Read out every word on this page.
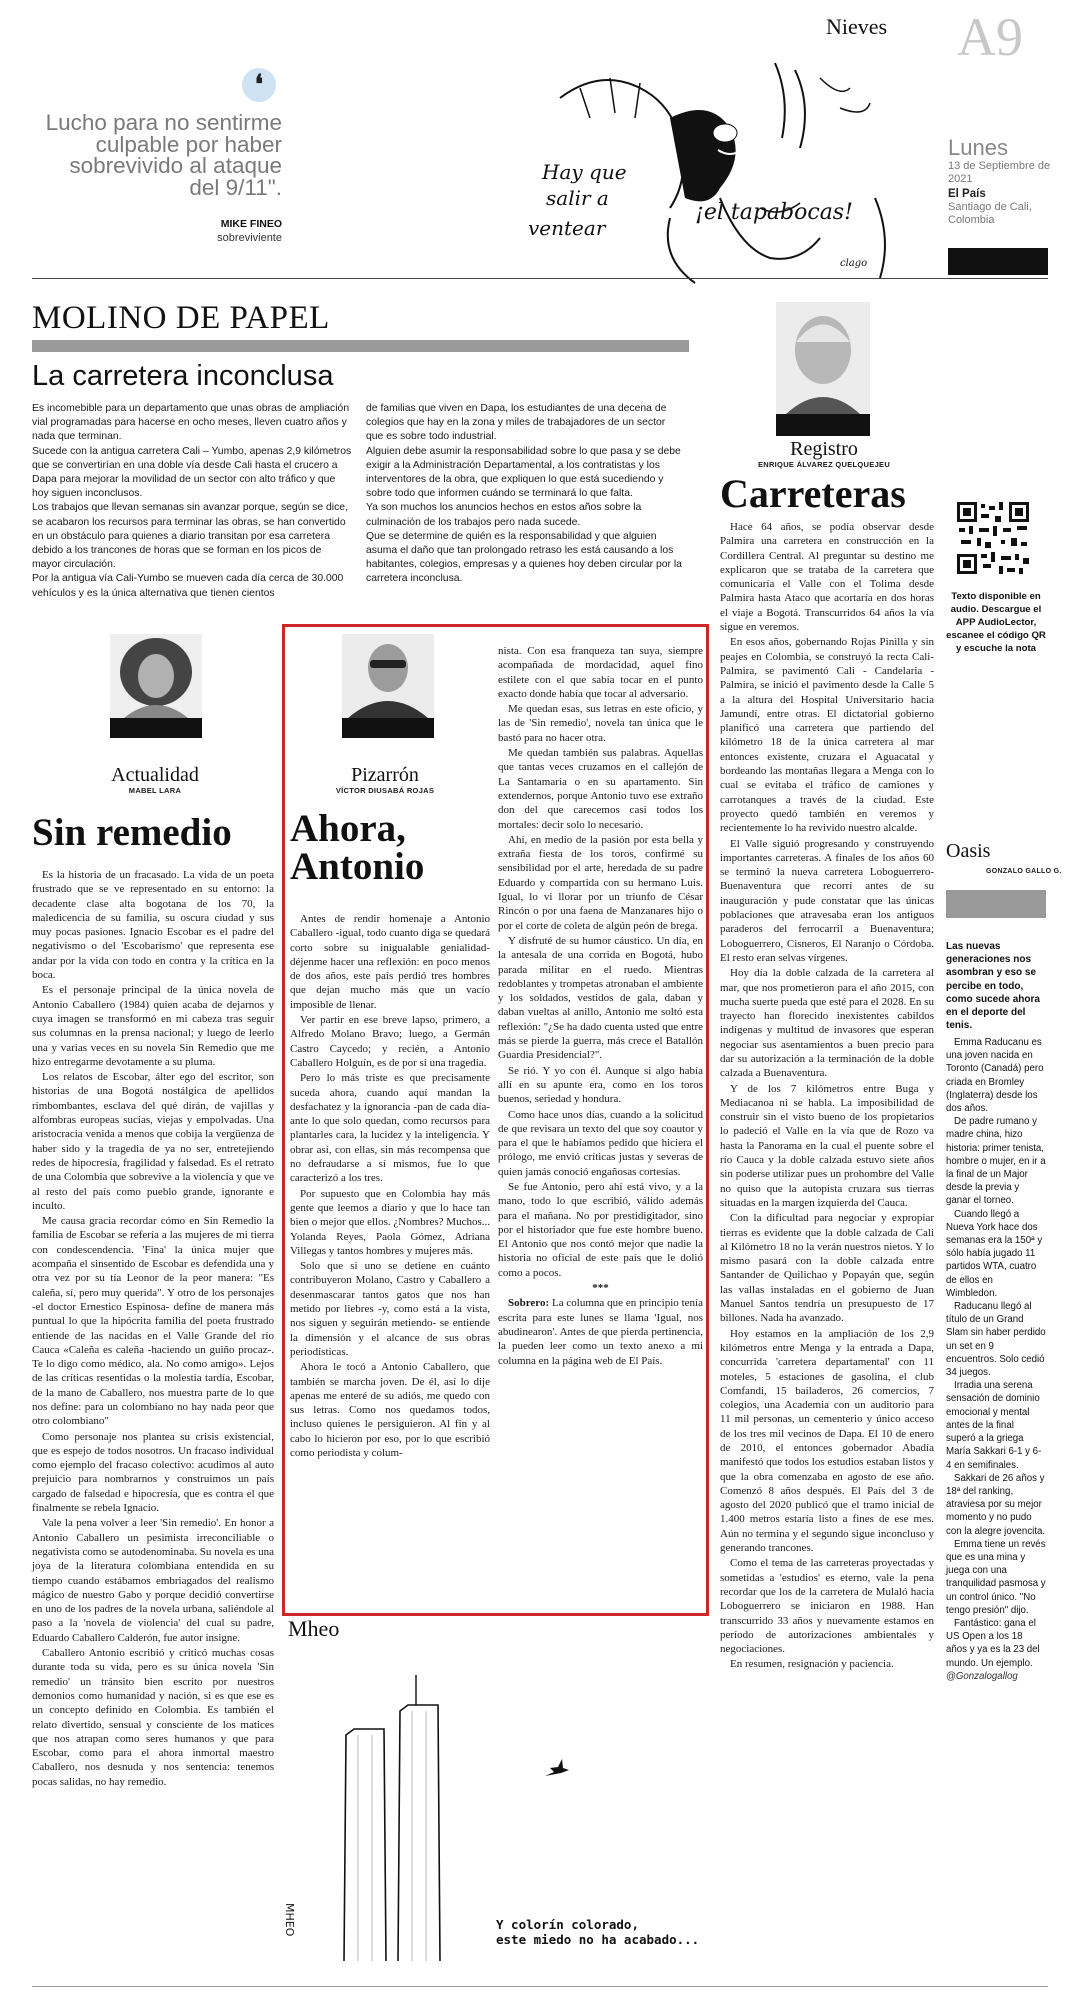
Nieves A9
Lunes
13 de Septiembre de 2021
El País
Santiago de Cali, Colombia
❛
Lucho para no sentirme culpable por haber sobrevivido al ataque del 9/11".
MIKE FINEO
sobreviviente
Hay que
salir a
ventear
¡el tapabocas!
clago
MOLINO DE PAPEL
La carretera inconclusa

Es incomebible para un departamento que unas obras de ampliación vial programadas para hacerse en ocho meses, lleven cuatro años y nada que terminan.

Sucede con la antigua carretera Cali – Yumbo, apenas 2,9 kilómetros que se convertirían en una doble vía desde Cali hasta el crucero a Dapa para mejorar la movilidad de un sector con alto tráfico y que hoy siguen inconclusos.

Los trabajos que llevan semanas sin avanzar porque, según se dice, se acabaron los recursos para terminar las obras, se han convertido en un obstáculo para quienes a diario transitan por esa carretera debido a los trancones de horas que se forman en los picos de mayor circulación.

Por la antigua vía Cali-Yumbo se mueven cada día cerca de 30.000 vehículos y es la única alternativa que tienen cientos

de familias que viven en Dapa, los estudiantes de una decena de colegios que hay en la zona y miles de trabajadores de un sector que es sobre todo industrial.

Alguien debe asumir la responsabilidad sobre lo que pasa y se debe exigir a la Administración Departamental, a los contratistas y los interventores de la obra, que expliquen lo que está sucediendo y sobre todo que informen cuándo se terminará lo que falta.

Ya son muchos los anuncios hechos en estos años sobre la culminación de los trabajos pero nada sucede.

Que se determine de quién es la responsabilidad y que alguien asuma el daño que tan prolongado retraso les está causando a los habitantes, colegios, empresas y a quienes hoy deben circular por la carretera inconclusa.

Registro
ENRIQUE ÁLVAREZ QUELQUEJEU
Carreteras

Hace 64 años, se podía observar desde Palmira una carretera en construcción en la Cordillera Central. Al preguntar su destino me explicaron que se trataba de la carretera que comunicaría el Valle con el Tolima desde Palmira hasta Ataco que acortaría en dos horas el viaje a Bogotá. Transcurridos 64 años la vía sigue en veremos.

En esos años, gobernando Rojas Pinilla y sin peajes en Colombia, se construyó la recta Cali-Palmira, se pavimentó Cali - Candelaria - Palmira, se inició el pavimento desde la Calle 5 a la altura del Hospital Universitario hacia Jamundí, entre otras. El dictatorial gobierno planificó una carretera que partiendo del kilómetro 18 de la única carretera al mar entonces existente, cruzara el Aguacatal y bordeando las montañas llegara a Menga con lo cual se evitaba el tráfico de camiones y carrotanques a través de la ciudad. Este proyecto quedó también en veremos y recientemente lo ha revivido nuestro alcalde.

El Valle siguió progresando y construyendo importantes carreteras. A finales de los años 60 se terminó la nueva carretera Loboguerrero-Buenaventura que recorrí antes de su inauguración y pude constatar que las únicas poblaciones que atravesaba eran los antiguos paraderos del ferrocarril a Buenaventura; Loboguerrero, Cisneros, El Naranjo o Córdoba. El resto eran selvas vírgenes.

Hoy día la doble calzada de la carretera al mar, que nos prometieron para el año 2015, con mucha suerte pueda que esté para el 2028. En su trayecto han florecido inexistentes cabildos indígenas y multitud de invasores que esperan negociar sus asentamientos a buen precio para dar su autorización a la terminación de la doble calzada a Buenaventura.

Y de los 7 kilómetros entre Buga y Mediacanoa ni se habla. La imposibilidad de construir sin el visto bueno de los propietarios lo padeció el Valle en la vía que de Rozo va hasta la Panorama en la cual el puente sobre el río Cauca y la doble calzada estuvo siete años sin poderse utilizar pues un prohombre del Valle no quiso que la autopista cruzara sus tierras situadas en la margen izquierda del Cauca.

Con la dificultad para negociar y expropiar tierras es evidente que la doble calzada de Cali al Kilómetro 18 no la verán nuestros nietos. Y lo mismo pasará con la doble calzada entre Santander de Quilichao y Popayán que, según las vallas instaladas en el gobierno de Juan Manuel Santos tendría un presupuesto de 17 billones. Nada ha avanzado.

Hoy estamos en la ampliación de los 2,9 kilómetros entre Menga y la entrada a Dapa, concurrida 'carretera departamental' con 11 moteles, 5 estaciones de gasolina, el club Comfandi, 15 bailaderos, 26 comercios, 7 colegios, una Academia con un auditorio para 11 mil personas, un cementerio y único acceso de los tres mil vecinos de Dapa. El 10 de enero de 2010, el entonces gobernador Abadía manifestó que todos los estudios estaban listos y que la obra comenzaba en agosto de ese año. Comenzó 8 años después. El País del 3 de agosto del 2020 publicó que el tramo inicial de 1.400 metros estaría listo a fines de ese mes. Aún no termina y el segundo sigue inconcluso y generando trancones.

Como el tema de las carreteras proyectadas y sometidas a 'estudios' es eterno, vale la pena recordar que los de la carretera de Mulaló hacia Loboguerrero se iniciaron en 1988. Han transcurrido 33 años y nuevamente estamos en período de autorizaciones ambientales y negociaciones.

En resumen, resignación y paciencia.

Texto disponible en audio. Descargue el APP AudioLector, escanee el código QR y escuche la nota
Actualidad
MABEL LARA
Sin remedio

Es la historia de un fracasado. La vida de un poeta frustrado que se ve representado en su entorno: la decadente clase alta bogotana de los 70, la maledicencia de su familia, su oscura ciudad y sus muy pocas pasiones. Ignacio Escobar es el padre del negativismo o del 'Escobarismo' que representa ese andar por la vida con todo en contra y la crítica en la boca.

Es el personaje principal de la única novela de Antonio Caballero (1984) quien acaba de dejarnos y cuya imagen se transformó en mi cabeza tras seguir sus columnas en la prensa nacional; y luego de leerlo una y varias veces en su novela Sin Remedio que me hizo entregarme devotamente a su pluma.

Los relatos de Escobar, álter ego del escritor, son historias de una Bogotá nostálgica de apellidos rimbombantes, esclava del qué dirán, de vajillas y alfombras europeas sucias, viejas y empolvadas. Una aristocracia venida a menos que cobija la vergüenza de haber sido y la tragedia de ya no ser, entretejiendo redes de hipocresía, fragilidad y falsedad. Es el retrato de una Colombia que sobrevive a la violencia y que ve al resto del país como pueblo grande, ignorante e inculto.

Me causa gracia recordar cómo en Sin Remedio la familia de Escobar se refería a las mujeres de mi tierra con condescendencia. 'Fina' la única mujer que acompaña el sinsentido de Escobar es defendida una y otra vez por su tía Leonor de la peor manera: "Es caleña, sí, pero muy querida". Y otro de los personajes -el doctor Ernestico Espinosa- define de manera más puntual lo que la hipócrita familia del poeta frustrado entiende de las nacidas en el Valle Grande del río Cauca «Caleña es caleña -haciendo un guiño procaz-. Te lo digo como médico, ala. No como amigo». Lejos de las críticas resentidas o la molestia tardía, Escobar, de la mano de Caballero, nos muestra parte de lo que nos define: para un colombiano no hay nada peor que otro colombiano"

Como personaje nos plantea su crisis existencial, que es espejo de todos nosotros. Un fracaso individual como ejemplo del fracaso colectivo: acudimos al auto prejuicio para nombrarnos y construimos un país cargado de falsedad e hipocresía, que es contra el que finalmente se rebela Ignacio.

Vale la pena volver a leer 'Sin remedio'. En honor a Antonio Caballero un pesimista irreconciliable o negativista como se autodenominaba. Su novela es una joya de la literatura colombiana entendida en su tiempo cuando estábamos embriagados del realismo mágico de nuestro Gabo y porque decidió convertirse en uno de los padres de la novela urbana, saliéndole al paso a la 'novela de violencia' del cual su padre, Eduardo Caballero Calderón, fue autor insigne.

Caballero Antonio escribió y criticó muchas cosas durante toda su vida, pero es su única novela 'Sin remedio' un tránsito bien escrito por nuestros demonios como humanidad y nación, si es que ese es un concepto definido en Colombia. Es también el relato divertido, sensual y consciente de los matices que nos atrapan como seres humanos y que para Escobar, como para el ahora inmortal maestro Caballero, nos desnuda y nos sentencia: tenemos pocas salidas, no hay remedio.

Pizarrón
VÍCTOR DIUSABÁ ROJAS
Ahora,
Antonio

Antes de rendir homenaje a Antonio Caballero -igual, todo cuanto diga se quedará corto sobre su inigualable genialidad- déjenme hacer una reflexión: en poco menos de dos años, este país perdió tres hombres que dejan mucho más que un vacío imposible de llenar.

Ver partir en ese breve lapso, primero, a Alfredo Molano Bravo; luego, a Germán Castro Caycedo; y recién, a Antonio Caballero Holguín, es de por sí una tragedia.

Pero lo más triste es que precisamente suceda ahora, cuando aquí mandan la desfachatez y la ignorancia -pan de cada día- ante lo que solo quedan, como recursos para plantarles cara, la lucidez y la inteligencia. Y obrar así, con ellas, sin más recompensa que no defraudarse a sí mismos, fue lo que caracterizó a los tres.

Por supuesto que en Colombia hay más gente que leemos a diario y que lo hace tan bien o mejor que ellos. ¿Nombres? Muchos... Yolanda Reyes, Paola Gómez, Adriana Villegas y tantos hombres y mujeres más.

Solo que si uno se detiene en cuánto contribuyeron Molano, Castro y Caballero a desenmascarar tantos gatos que nos han metido por liebres -y, como está a la vista, nos siguen y seguirán metiendo- se entiende la dimensión y el alcance de sus obras periodísticas.

Ahora le tocó a Antonio Caballero, que también se marcha joven. De él, así lo dije apenas me enteré de su adiós, me quedo con sus letras. Como nos quedamos todos, incluso quienes le persiguieron. Al fin y al cabo lo hicieron por eso, por lo que escribió como periodista y colum-

nista. Con esa franqueza tan suya, siempre acompañada de mordacidad, aquel fino estilete con el que sabía tocar en el punto exacto donde había que tocar al adversario.

Me quedan esas, sus letras en este oficio, y las de 'Sin remedio', novela tan única que le bastó para no hacer otra.

Me quedan también sus palabras. Aquellas que tantas veces cruzamos en el callejón de La Santamaría o en su apartamento. Sin extendernos, porque Antonio tuvo ese extraño don del que carecemos casi todos los mortales: decir solo lo necesario.

Ahí, en medio de la pasión por esta bella y extraña fiesta de los toros, confirmé su sensibilidad por el arte, heredada de su padre Eduardo y compartida con su hermano Luis. Igual, lo vi llorar por un triunfo de César Rincón o por una faena de Manzanares hijo o por el corte de coleta de algún peón de brega.

Y disfruté de su humor cáustico. Un día, en la antesala de una corrida en Bogotá, hubo parada militar en el ruedo. Mientras redoblantes y trompetas atronaban el ambiente y los soldados, vestidos de gala, daban y daban vueltas al anillo, Antonio me soltó esta reflexión: "¿Se ha dado cuenta usted que entre más se pierde la guerra, más crece el Batallón Guardia Presidencial?".

Se rió. Y yo con él. Aunque si algo había allí en su apunte era, como en los toros buenos, seriedad y hondura.

Como hace unos días, cuando a la solicitud de que revisara un texto del que soy coautor y para el que le habíamos pedido que hiciera el prólogo, me envió críticas justas y severas de quien jamás conoció engañosas cortesías.

Se fue Antonio, pero ahí está vivo, y a la mano, todo lo que escribió, válido además para el mañana. No por prestidigitador, sino por el historiador que fue este hombre bueno. El Antonio que nos contó mejor que nadie la historia no oficial de este país que le dolió como a pocos.

***

Sobrero: La columna que en principio tenía escrita para este lunes se llama 'Igual, nos abudinearon'. Antes de que pierda pertinencia, la pueden leer como un texto anexo a mi columna en la página web de El País.

Mheo
MHEO	Y colorín colorado,
este miedo no ha acabado...
Oasis
GONZALO GALLO G.
Las nuevas generaciones nos asombran y eso se percibe en todo, como sucede ahora en el deporte del tenis.

Emma Raducanu es una joven nacida en Toronto (Canadá) pero criada en Bromley (Inglaterra) desde los dos años.

De padre rumano y madre china, hizo historia: primer tenista, hombre o mujer, en ir a la final de un Major desde la previa y ganar el torneo.

Cuando llegó a Nueva York hace dos semanas era la 150ª y sólo había jugado 11 partidos WTA, cuatro de ellos en Wimbledon.

Raducanu llegó al título de un Grand Slam sin haber perdido un set en 9 encuentros. Solo cedió 34 juegos.

Irradia una serena sensación de dominio emocional y mental antes de la final superó a la griega María Sakkari 6-1 y 6-4 en semifinales.

Sakkari de 26 años y 18ª del ranking, atraviesa por su mejor momento y no pudo con la alegre jovencita.

Emma tiene un revés que es una mina y juega con una tranquilidad pasmosa y un control único. "No tengo presión" dijo.

Fantástico: gana el US Open a los 18 años y ya es la 23 del mundo. Un ejemplo.

@Gonzalogallog
